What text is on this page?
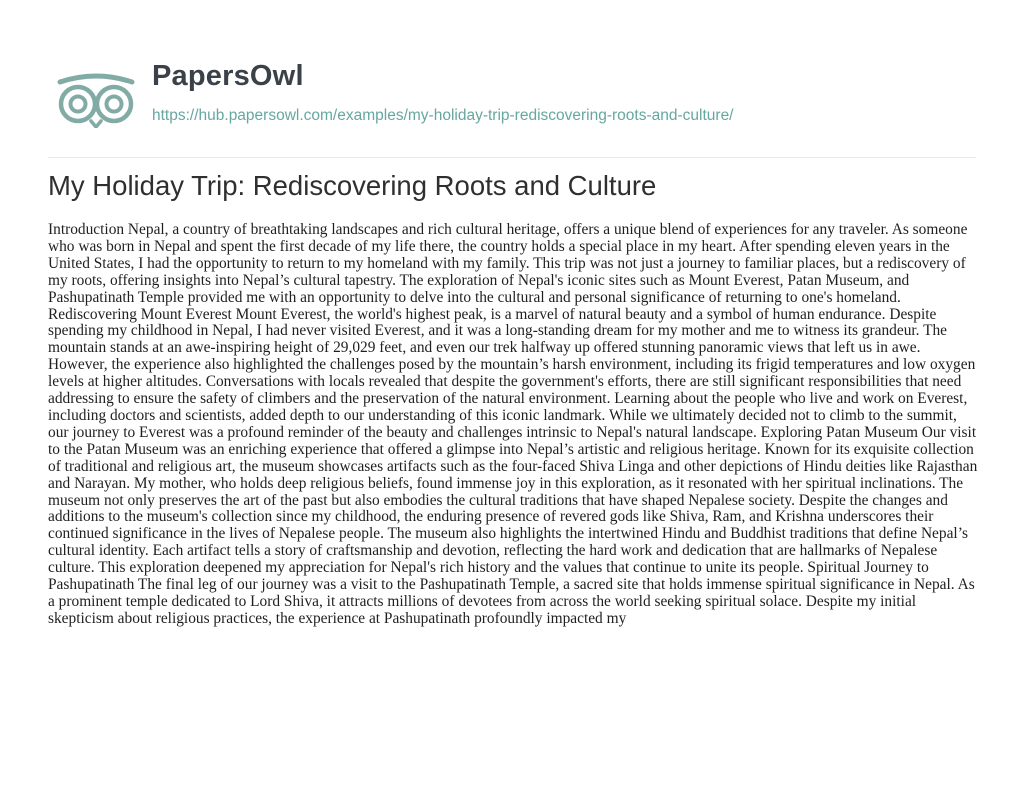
PapersOwl
https://hub.papersowl.com/examples/my-holiday-trip-rediscovering-roots-and-culture/
My Holiday Trip: Rediscovering Roots and Culture

Introduction Nepal, a country of breathtaking landscapes and rich cultural heritage, offers a unique blend of experiences for any traveler. As someone who was born in Nepal and spent the first decade of my life there, the country holds a special place in my heart. After spending eleven years in the United States, I had the opportunity to return to my homeland with my family. This trip was not just a journey to familiar places, but a rediscovery of my roots, offering insights into Nepal’s cultural tapestry. The exploration of Nepal's iconic sites such as Mount Everest, Patan Museum, and Pashupatinath Temple provided me with an opportunity to delve into the cultural and personal significance of returning to one's homeland. Rediscovering Mount Everest Mount Everest, the world's highest peak, is a marvel of natural beauty and a symbol of human endurance. Despite spending my childhood in Nepal, I had never visited Everest, and it was a long-standing dream for my mother and me to witness its grandeur. The mountain stands at an awe-inspiring height of 29,029 feet, and even our trek halfway up offered stunning panoramic views that left us in awe. However, the experience also highlighted the challenges posed by the mountain’s harsh environment, including its frigid temperatures and low oxygen levels at higher altitudes. Conversations with locals revealed that despite the government's efforts, there are still significant responsibilities that need addressing to ensure the safety of climbers and the preservation of the natural environment. Learning about the people who live and work on Everest, including doctors and scientists, added depth to our understanding of this iconic landmark. While we ultimately decided not to climb to the summit, our journey to Everest was a profound reminder of the beauty and challenges intrinsic to Nepal's natural landscape. Exploring Patan Museum Our visit to the Patan Museum was an enriching experience that offered a glimpse into Nepal’s artistic and religious heritage. Known for its exquisite collection of traditional and religious art, the museum showcases artifacts such as the four-faced Shiva Linga and other depictions of Hindu deities like Rajasthan and Narayan. My mother, who holds deep religious beliefs, found immense joy in this exploration, as it resonated with her spiritual inclinations. The museum not only preserves the art of the past but also embodies the cultural traditions that have shaped Nepalese society. Despite the changes and additions to the museum's collection since my childhood, the enduring presence of revered gods like Shiva, Ram, and Krishna underscores their continued significance in the lives of Nepalese people. The museum also highlights the intertwined Hindu and Buddhist traditions that define Nepal’s cultural identity. Each artifact tells a story of craftsmanship and devotion, reflecting the hard work and dedication that are hallmarks of Nepalese culture. This exploration deepened my appreciation for Nepal's rich history and the values that continue to unite its people. Spiritual Journey to Pashupatinath The final leg of our journey was a visit to the Pashupatinath Temple, a sacred site that holds immense spiritual significance in Nepal. As a prominent temple dedicated to Lord Shiva, it attracts millions of devotees from across the world seeking spiritual solace. Despite my initial skepticism about religious practices, the experience at Pashupatinath profoundly impacted my
